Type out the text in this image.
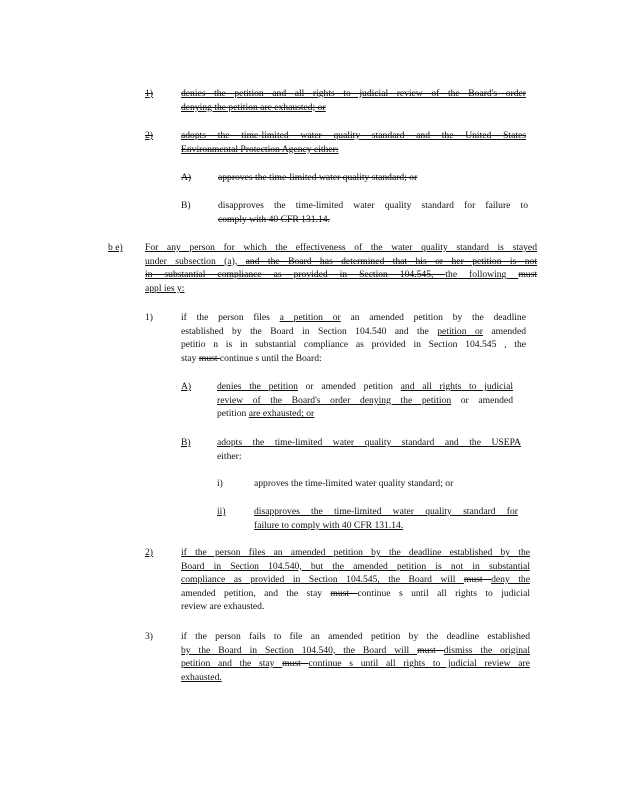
1)	denies the petition and all rights to judicial review of the Board's order
denying the petition are exhausted; or
2)	adopts the time-limited water quality standard and the United States
Environmental Protection Agency either:
A)	approves the time-limited water quality standard; or
B)	disapproves the time-limited water quality standard for failure to
comply with 40 CFR 131.14.
b e) For any person for which the effectiveness of the water quality standard is stayed
under subsection (a), and the Board has determined that his or her petition is not
in substantial compliance as provided in Section 104.545, the following must
appl ies y:
1)	if the person files a petition or an amended petition by the deadline
established by the Board in Section 104.540 and the petition or amended
petitio n is in substantial compliance as provided in Section 104.545 , the
stay must continue s until the Board:
A)	denies the petition or amended petition and all rights to judicial
review of the Board's order denying the petition or amended
petition are exhausted; or
B)	adopts the time-limited water quality standard and the USEPA
either:
i)	approves the time-limited water quality standard; or
ii)	disapproves the time-limited water quality standard for
failure to comply with 40 CFR 131.14.
2)	if the person files an amended petition by the deadline established by the
Board in Section 104.540, but the amended petition is not in substantial
compliance as provided in Section 104.545, the Board will must deny the
amended petition, and the stay must continue s until all rights to judicial
review are exhausted.
3)	if the person fails to file an amended petition by the deadline established
by the Board in Section 104.540, the Board will must dismiss the original
petition and the stay must continue s until all rights to judicial review are
exhausted.
